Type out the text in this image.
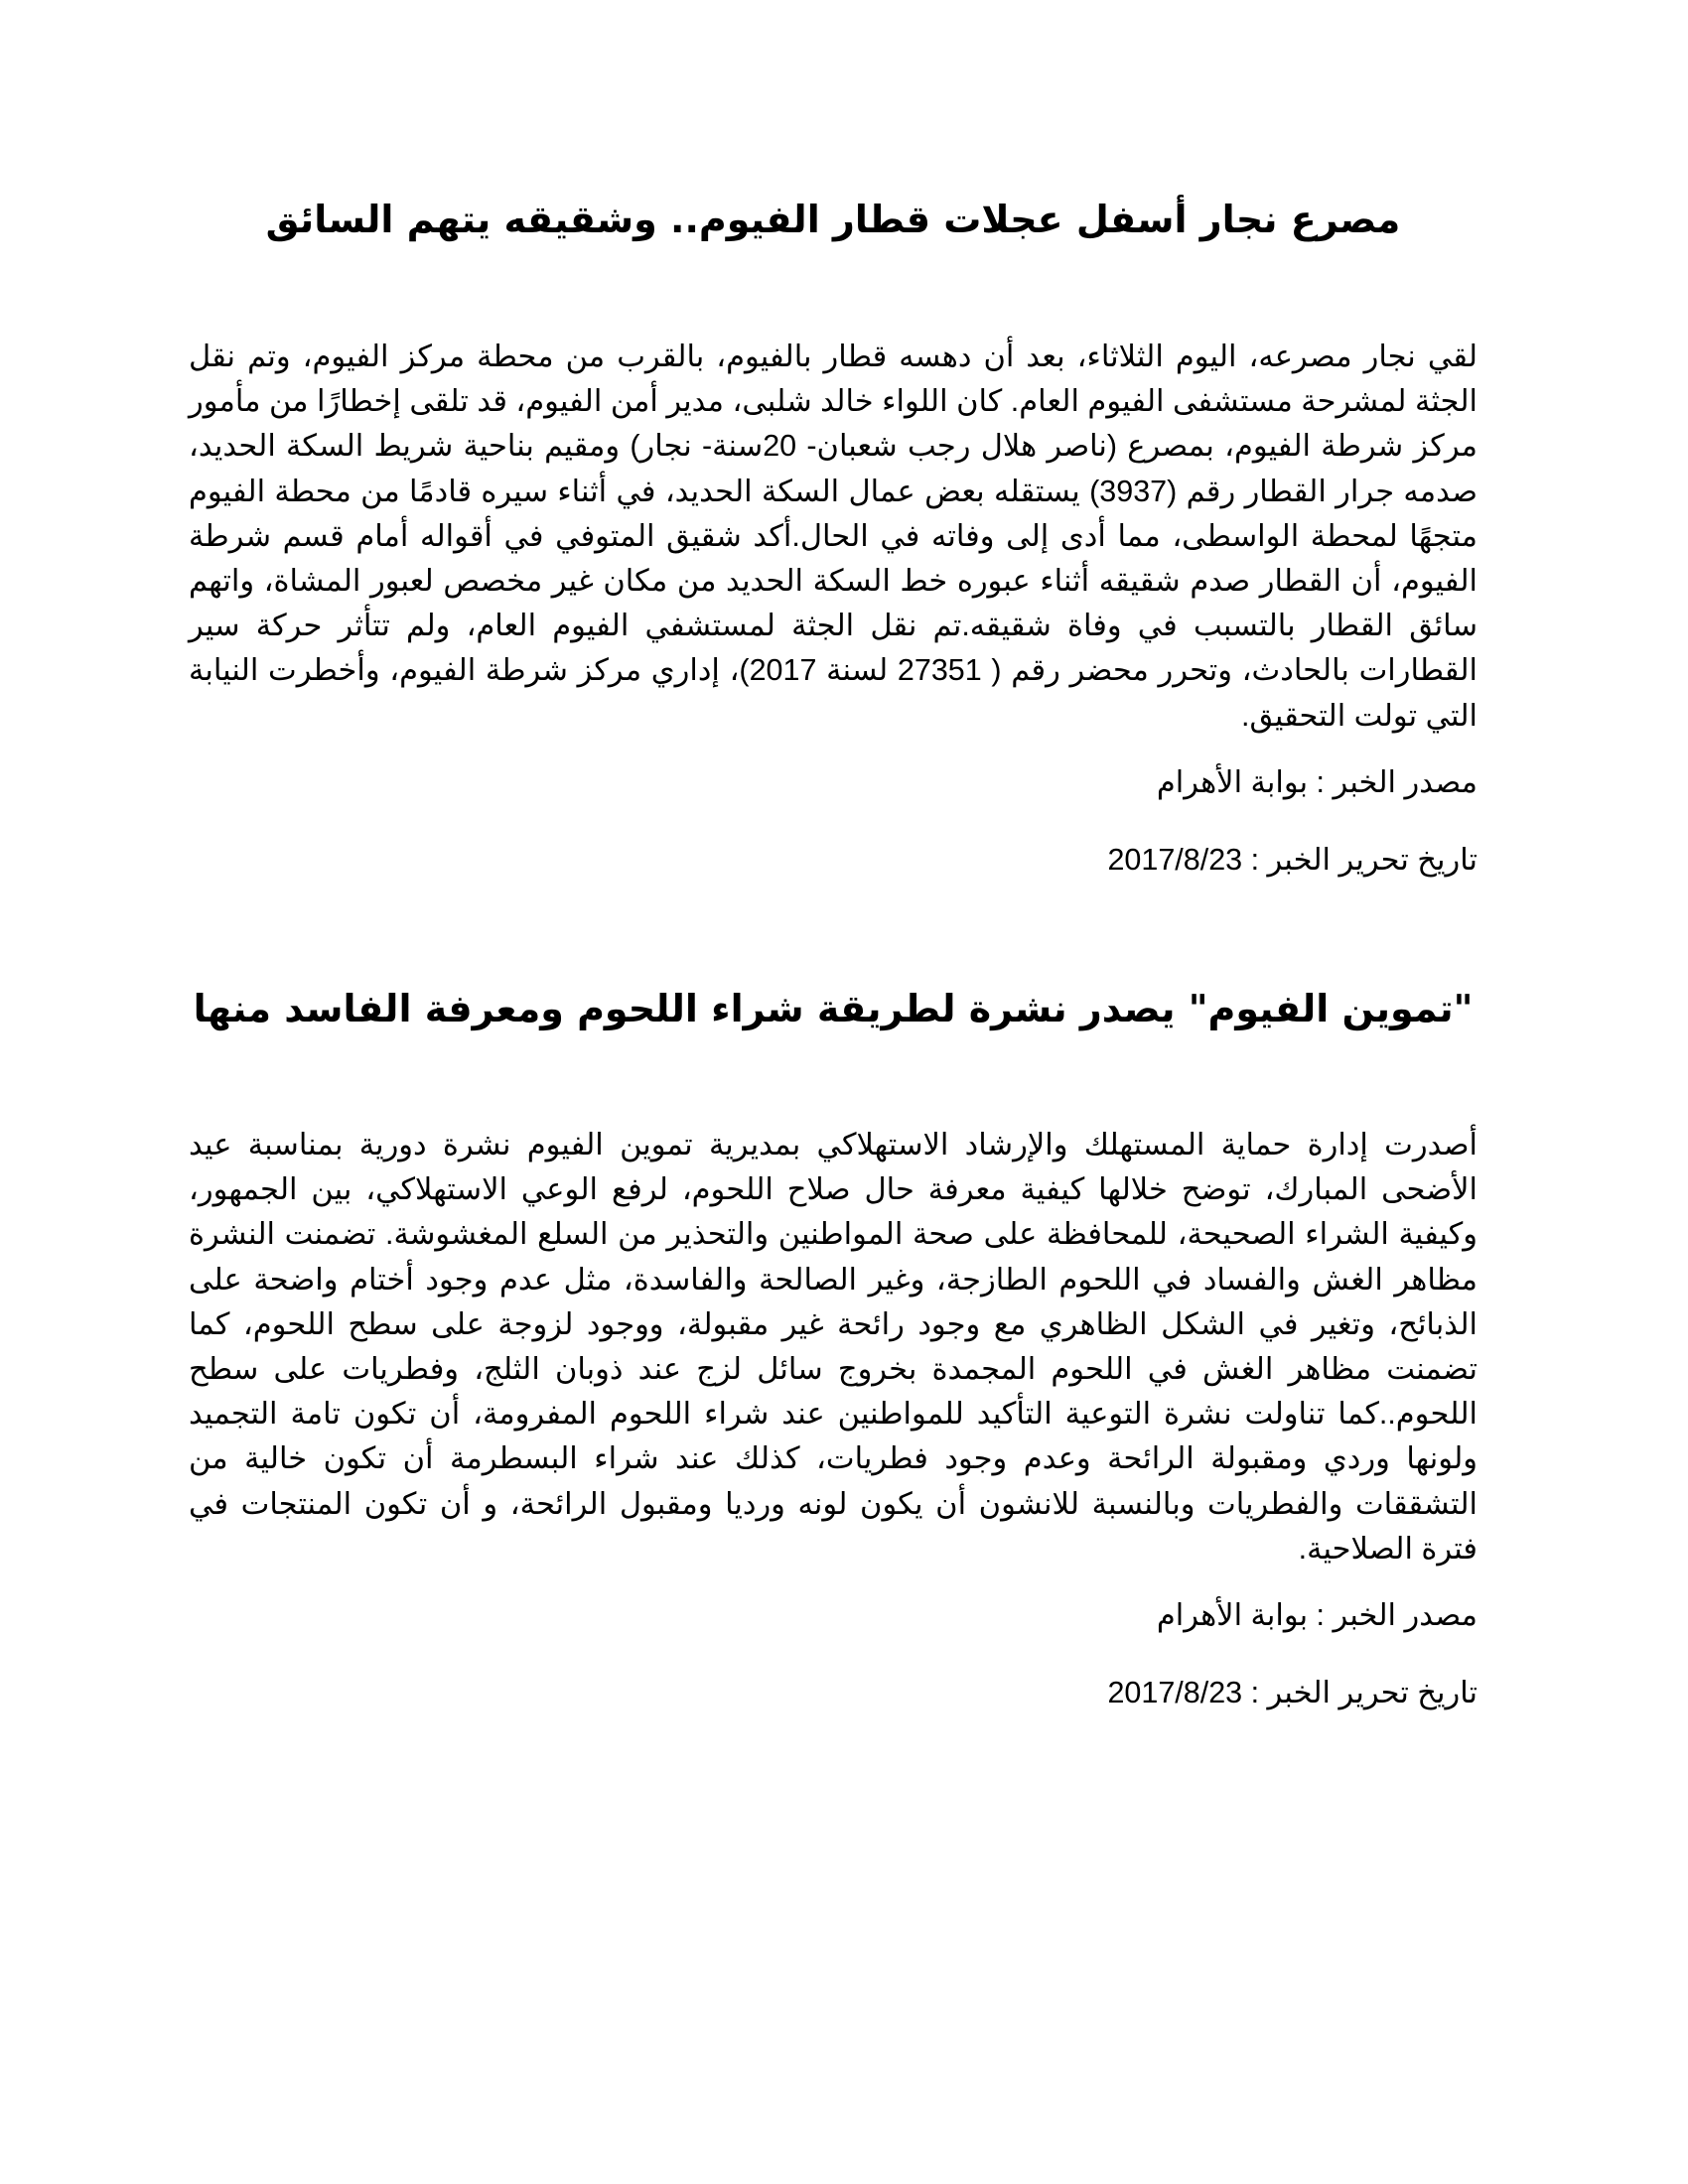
مصرع نجار أسفل عجلات قطار الفيوم.. وشقيقه يتهم السائق

لقي نجار مصرعه، اليوم الثلاثاء، بعد أن دهسه قطار بالفيوم، بالقرب من محطة مركز الفيوم، وتم نقل الجثة لمشرحة مستشفى الفيوم العام. كان اللواء خالد شلبى، مدير أمن الفيوم، قد تلقى إخطارًا من مأمور مركز شرطة الفيوم، بمصرع (ناصر هلال رجب شعبان- 20سنة- نجار) ومقيم بناحية شريط السكة الحديد، صدمه جرار القطار رقم (3937) يستقله بعض عمال السكة الحديد، في أثناء سيره قادمًا من محطة الفيوم متجهًا لمحطة الواسطى، مما أدى إلى وفاته في الحال.أكد شقيق المتوفي في أقواله أمام قسم شرطة الفيوم، أن القطار صدم شقيقه أثناء عبوره خط السكة الحديد من مكان غير مخصص لعبور المشاة، واتهم سائق القطار بالتسبب في وفاة شقيقه.تم نقل الجثة لمستشفي الفيوم العام، ولم تتأثر حركة سير القطارات بالحادث، وتحرر محضر رقم ( 27351 لسنة 2017)، إداري مركز شرطة الفيوم، وأخطرت النيابة التي تولت التحقيق.

مصدر الخبر : بوابة الأهرام

تاريخ تحرير الخبر : 2017/8/23

"تموين الفيوم" يصدر نشرة لطريقة شراء اللحوم ومعرفة الفاسد منها

أصدرت إدارة حماية المستهلك والإرشاد الاستهلاكي بمديرية تموين الفيوم نشرة دورية بمناسبة عيد الأضحى المبارك، توضح خلالها كيفية معرفة حال صلاح اللحوم، لرفع الوعي الاستهلاكي، بين الجمهور، وكيفية الشراء الصحيحة، للمحافظة على صحة المواطنين والتحذير من السلع المغشوشة. تضمنت النشرة مظاهر الغش والفساد في اللحوم الطازجة، وغير الصالحة والفاسدة، مثل عدم وجود أختام واضحة على الذبائح، وتغير في الشكل الظاهري مع وجود رائحة غير مقبولة، ووجود لزوجة على سطح اللحوم، كما تضمنت مظاهر الغش في اللحوم المجمدة بخروج سائل لزج عند ذوبان الثلج، وفطريات على سطح اللحوم..كما تناولت نشرة التوعية التأكيد للمواطنين عند شراء اللحوم المفرومة، أن تكون تامة التجميد ولونها وردي ومقبولة الرائحة وعدم وجود فطريات، كذلك عند شراء البسطرمة أن تكون خالية من التشققات والفطريات وبالنسبة للانشون أن يكون لونه ورديا ومقبول الرائحة، و أن تكون المنتجات في فترة الصلاحية.

مصدر الخبر : بوابة الأهرام

تاريخ تحرير الخبر : 2017/8/23
